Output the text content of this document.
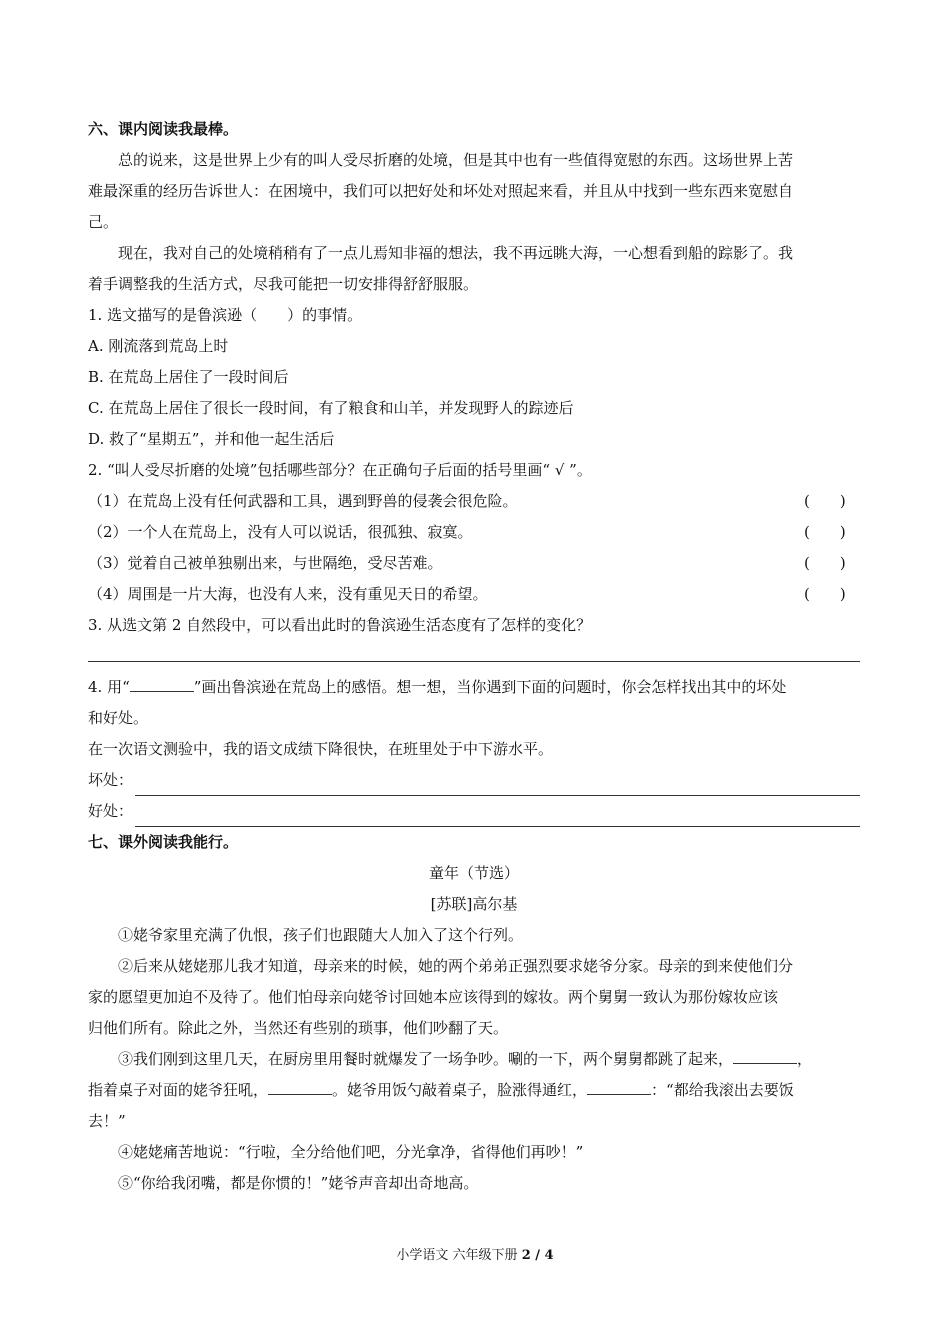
六、课内阅读我最棒。
总的说来，这是世界上少有的叫人受尽折磨的处境，但是其中也有一些值得宽慰的东西。这场世界上苦
难最深重的经历告诉世人：在困境中，我们可以把好处和坏处对照起来看，并且从中找到一些东西来宽慰自
己。
现在，我对自己的处境稍稍有了一点儿焉知非福的想法，我不再远眺大海，一心想看到船的踪影了。我
着手调整我的生活方式，尽我可能把一切安排得舒舒服服。
1. 选文描写的是鲁滨逊（　　）的事情。
A. 刚流落到荒岛上时
B. 在荒岛上居住了一段时间后
C. 在荒岛上居住了很长一段时间，有了粮食和山羊，并发现野人的踪迹后
D. 救了“星期五”，并和他一起生活后
2. “叫人受尽折磨的处境”包括哪些部分？在正确句子后面的括号里画“ √ ”。
（1）在荒岛上没有任何武器和工具，遇到野兽的侵袭会很危险。	(　　)
（2）一个人在荒岛上，没有人可以说话，很孤独、寂寞。	(　　)
（3）觉着自己被单独剔出来，与世隔绝，受尽苦难。	(　　)
（4）周围是一片大海，也没有人来，没有重见天日的希望。	(　　)
3. 从选文第 2 自然段中，可以看出此时的鲁滨逊生活态度有了怎样的变化？
4. 用“	”画出鲁滨逊在荒岛上的感悟。想一想，当你遇到下面的问题时，你会怎样找出其中的坏处
和好处。
在一次语文测验中，我的语文成绩下降很快，在班里处于中下游水平。
坏处：
好处：
七、课外阅读我能行。
童年（节选）
[苏联]高尔基
①姥爷家里充满了仇恨，孩子们也跟随大人加入了这个行列。
②后来从姥姥那儿我才知道，母亲来的时候，她的两个弟弟正强烈要求姥爷分家。母亲的到来使他们分
家的愿望更加迫不及待了。他们怕母亲向姥爷讨回她本应该得到的嫁妆。两个舅舅一致认为那份嫁妆应该
归他们所有。除此之外，当然还有些别的琐事，他们吵翻了天。
③我们刚到这里几天，在厨房里用餐时就爆发了一场争吵。唰的一下，两个舅舅都跳了起来，	，
指着桌子对面的姥爷狂吼，	。姥爷用饭勺敲着桌子，脸涨得通红，	：“都给我滚出去要饭
去！”
④姥姥痛苦地说：“行啦，全分给他们吧，分光拿净，省得他们再吵！”
⑤“你给我闭嘴，都是你惯的！”姥爷声音却出奇地高。
小学语文 六年级下册 2 / 4
